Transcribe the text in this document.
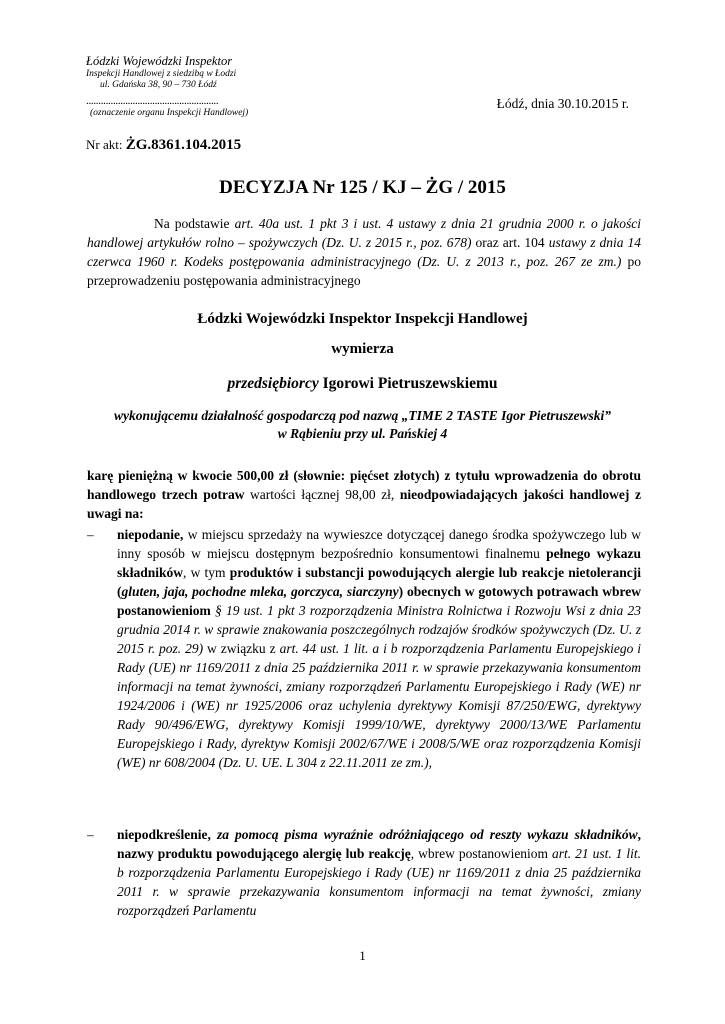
Łódzki Wojewódzki Inspektor
Inspekcji Handlowej z siedzibą w Łodzi
ul. Gdańska 38, 90 – 730 Łódź
......................................................
(oznaczenie organu Inspekcji Handlowej)
Łódź, dnia 30.10.2015 r.
Nr akt: ŻG.8361.104.2015
DECYZJA Nr 125 / KJ – ŻG / 2015
Na podstawie art. 40a ust. 1 pkt 3 i ust. 4 ustawy z dnia 21 grudnia 2000 r. o jakości handlowej artykułów rolno – spożywczych (Dz. U. z 2015 r., poz. 678) oraz art. 104 ustawy z dnia 14 czerwca 1960 r. Kodeks postępowania administracyjnego (Dz. U. z 2013 r., poz. 267 ze zm.) po przeprowadzeniu postępowania administracyjnego
Łódzki Wojewódzki Inspektor Inspekcji Handlowej
wymierza
przedsiębiorcy Igorowi Pietruszewskiemu
wykonującemu działalność gospodarczą pod nazwą „TIME 2 TASTE Igor Pietruszewski”
w Rąbieniu przy ul. Pańskiej 4
karę pieniężną w kwocie 500,00 zł (słownie: pięćset złotych) z tytułu wprowadzenia do obrotu handlowego trzech potraw wartości łącznej 98,00 zł, nieodpowiadających jakości handlowej z uwagi na:
– niepodanie, w miejscu sprzedaży na wywieszce dotyczącej danego środka spożywczego lub w inny sposób w miejscu dostępnym bezpośrednio konsumentowi finalnemu pełnego wykazu składników, w tym produktów i substancji powodujących alergie lub reakcje nietolerancji (gluten, jaja, pochodne mleka, gorczyca, siarczyny) obecnych w gotowych potrawach wbrew postanowieniom § 19 ust. 1 pkt 3 rozporządzenia Ministra Rolnictwa i Rozwoju Wsi z dnia 23 grudnia 2014 r. w sprawie znakowania poszczególnych rodzajów środków spożywczych (Dz. U. z 2015 r. poz. 29) w związku z art. 44 ust. 1 lit. a i b rozporządzenia Parlamentu Europejskiego i Rady (UE) nr 1169/2011 z dnia 25 października 2011 r. w sprawie przekazywania konsumentom informacji na temat żywności, zmiany rozporządzeń Parlamentu Europejskiego i Rady (WE) nr 1924/2006 i (WE) nr 1925/2006 oraz uchylenia dyrektywy Komisji 87/250/EWG, dyrektywy Rady 90/496/EWG, dyrektywy Komisji 1999/10/WE, dyrektywy 2000/13/WE Parlamentu Europejskiego i Rady, dyrektyw Komisji 2002/67/WE i 2008/5/WE oraz rozporządzenia Komisji (WE) nr 608/2004 (Dz. U. UE. L 304 z 22.11.2011 ze zm.),
– niepodkreślenie, za pomocą pisma wyraźnie odróżniającego od reszty wykazu składników, nazwy produktu powodującego alergię lub reakcję, wbrew postanowieniom art. 21 ust. 1 lit. b rozporządzenia Parlamentu Europejskiego i Rady (UE) nr 1169/2011 z dnia 25 października 2011 r. w sprawie przekazywania konsumentom informacji na temat żywności, zmiany rozporządzeń Parlamentu
1
